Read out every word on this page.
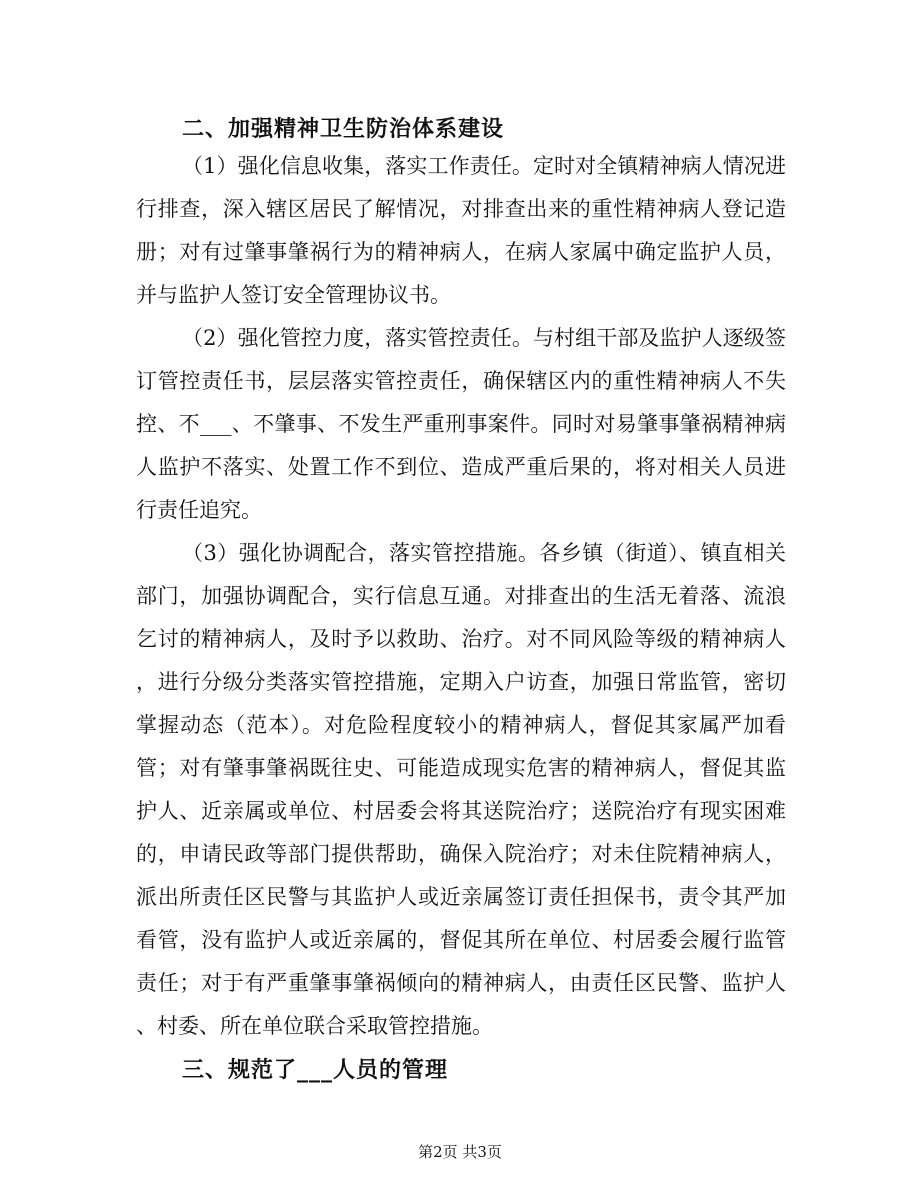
二、加强精神卫生防治体系建设
（1）强化信息收集，落实工作责任。定时对全镇精神病人情况进
行排查，深入辖区居民了解情况，对排查出来的重性精神病人登记造
册；对有过肇事肇祸行为的精神病人，在病人家属中确定监护人员，
并与监护人签订安全管理协议书。
（2）强化管控力度，落实管控责任。与村组干部及监护人逐级签
订管控责任书，层层落实管控责任，确保辖区内的重性精神病人不失
控、不___、不肇事、不发生严重刑事案件。同时对易肇事肇祸精神病
人监护不落实、处置工作不到位、造成严重后果的，将对相关人员进
行责任追究。
（3）强化协调配合，落实管控措施。各乡镇（街道）、镇直相关
部门，加强协调配合，实行信息互通。对排查出的生活无着落、流浪
乞讨的精神病人，及时予以救助、治疗。对不同风险等级的精神病人
，进行分级分类落实管控措施，定期入户访查，加强日常监管，密切
掌握动态（范本）。对危险程度较小的精神病人，督促其家属严加看
管；对有肇事肇祸既往史、可能造成现实危害的精神病人，督促其监
护人、近亲属或单位、村居委会将其送院治疗；送院治疗有现实困难
的，申请民政等部门提供帮助，确保入院治疗；对未住院精神病人，
派出所责任区民警与其监护人或近亲属签订责任担保书，责令其严加
看管，没有监护人或近亲属的，督促其所在单位、村居委会履行监管
责任；对于有严重肇事肇祸倾向的精神病人，由责任区民警、监护人
、村委、所在单位联合采取管控措施。
三、规范了___人员的管理
第2页 共3页
